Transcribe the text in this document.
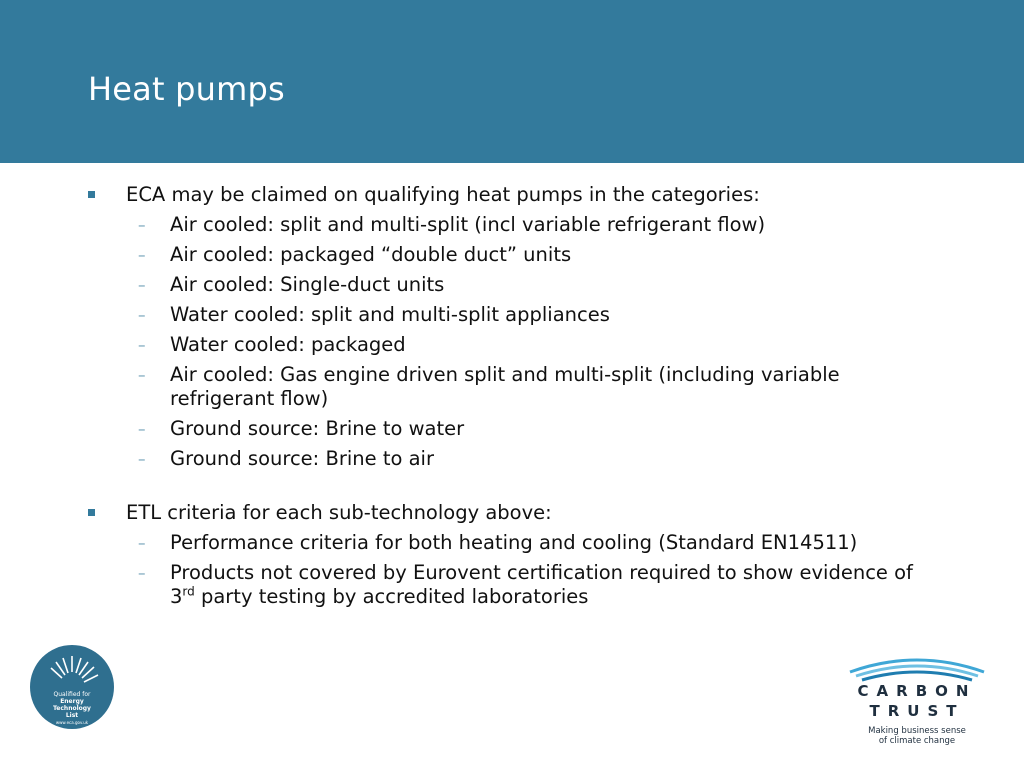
Heat pumps
ECA may be claimed on qualifying heat pumps in the categories:
– Air cooled: split and multi-split (incl variable refrigerant flow)
– Air cooled: packaged “double duct” units
– Air cooled: Single-duct units
– Water cooled: split and multi-split appliances
– Water cooled: packaged
– Air cooled: Gas engine driven split and multi-split (including variable refrigerant flow)
– Ground source: Brine to water
– Ground source: Brine to air
ETL criteria for each sub-technology above:
– Performance criteria for both heating and cooling (Standard EN14511)
– Products not covered by Eurovent certification required to show evidence of 3rd party testing by accredited laboratories
Qualified for
Energy
Technology
List
www.eca.gov.uk
CARBON
TRUST
Making business sense
of climate change
